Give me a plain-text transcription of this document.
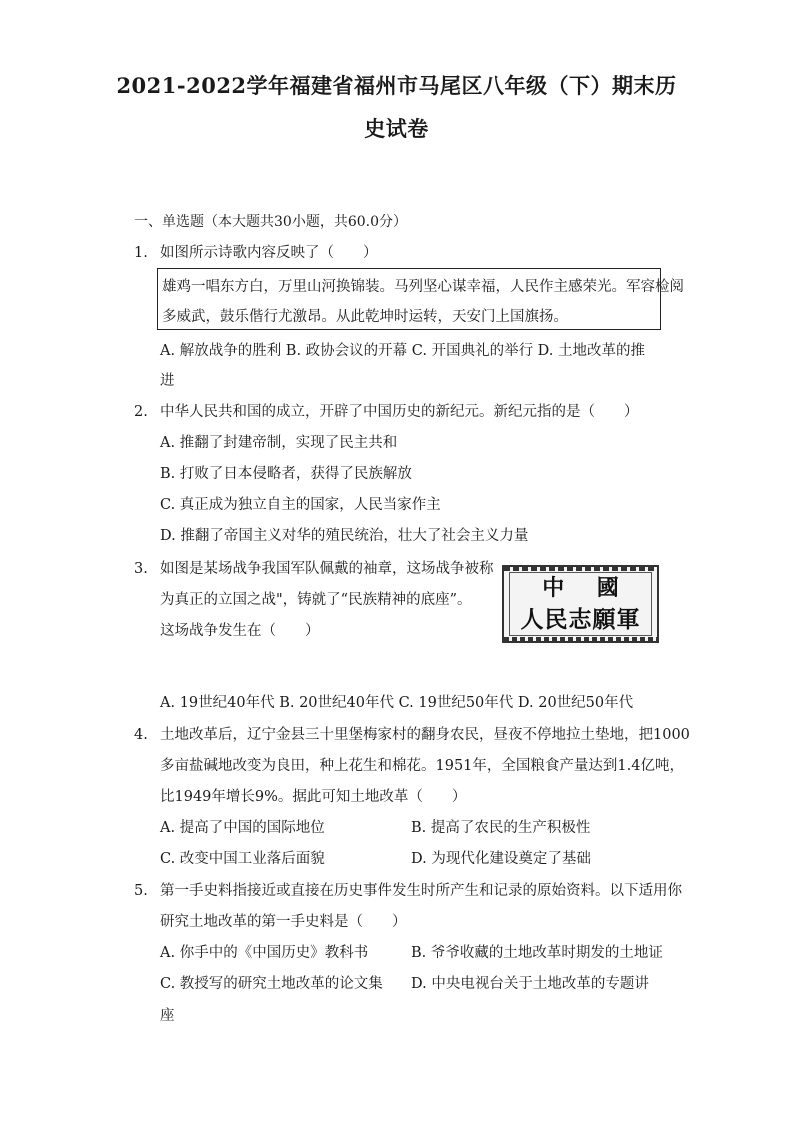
2021-2022学年福建省福州市马尾区八年级（下）期末历
史试卷
一、单选题（本大题共30小题，共60.0分）
1. 如图所示诗歌内容反映了（　　）
雄鸡一唱东方白，万里山河换锦装。马列坚心谋幸福，人民作主感荣光。军容检阅
多威武，鼓乐偕行尤激昂。从此乾坤时运转，天安门上国旗扬。
A. 解放战争的胜利 B. 政协会议的开幕 C. 开国典礼的举行 D. 土地改革的推
进
2. 中华人民共和国的成立，开辟了中国历史的新纪元。新纪元指的是（　　）
A. 推翻了封建帝制，实现了民主共和
B. 打败了日本侵略者，获得了民族解放
C. 真正成为独立自主的国家，人民当家作主
D. 推翻了帝国主义对华的殖民统治，壮大了社会主义力量
3. 如图是某场战争我国军队佩戴的袖章，这场战争被称
为真正的立国之战"，铸就了“民族精神的底座”。
这场战争发生在（　　）
中 國
人民志願軍
A. 19世纪40年代 B. 20世纪40年代 C. 19世纪50年代 D. 20世纪50年代
4. 土地改革后，辽宁金县三十里堡梅家村的翻身农民，昼夜不停地拉土垫地，把1000
多亩盐碱地改变为良田，种上花生和棉花。1951年，全国粮食产量达到1.4亿吨，
比1949年增长9%。据此可知土地改革（　　）
A. 提高了中国的国际地位	B. 提高了农民的生产积极性
C. 改变中国工业落后面貌	D. 为现代化建设奠定了基础
5. 第一手史料指接近或直接在历史事件发生时所产生和记录的原始资料。以下适用你
研究土地改革的第一手史料是（　　）
A. 你手中的《中国历史》教科书	B. 爷爷收藏的土地改革时期发的土地证
C. 教授写的研究土地改革的论文集 D. 中央电视台关于土地改革的专题讲
座
